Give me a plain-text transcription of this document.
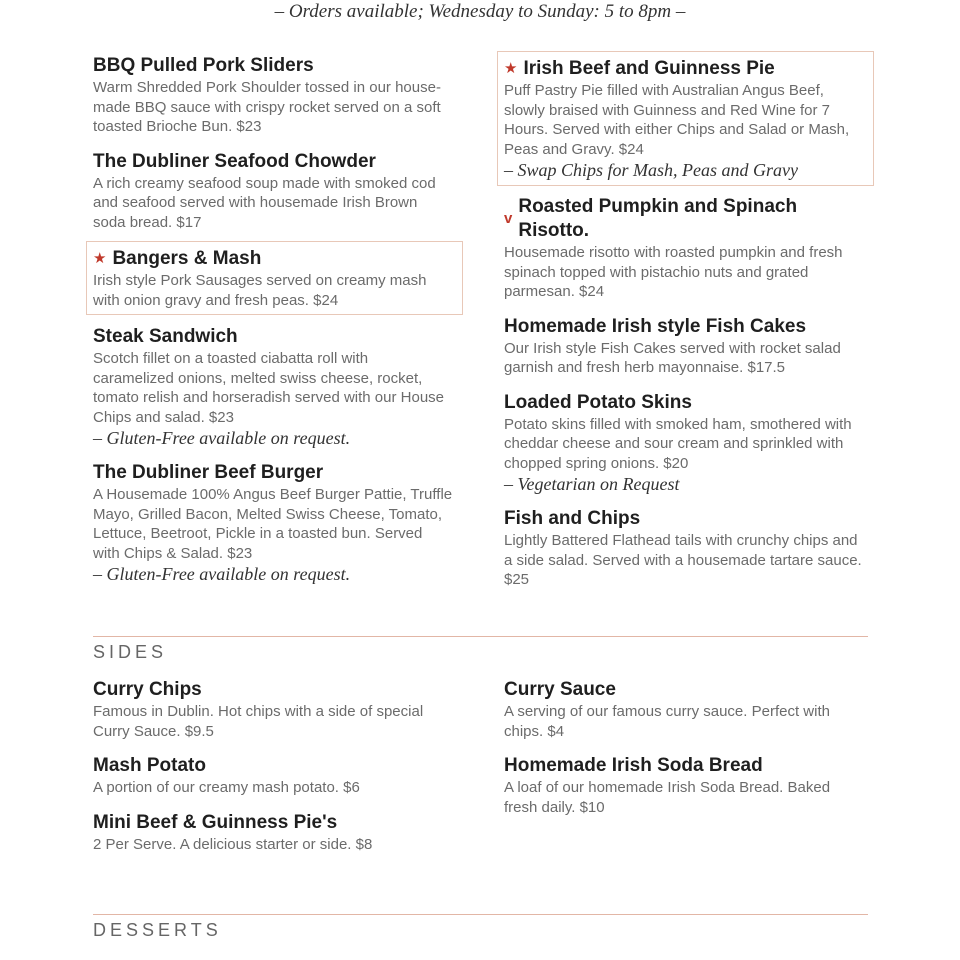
– Orders available; Wednesday to Sunday: 5 to 8pm –
BBQ Pulled Pork Sliders

Warm Shredded Pork Shoulder tossed in our house-made BBQ sauce with crispy rocket served on a soft toasted Brioche Bun. $23

The Dubliner Seafood Chowder

A rich creamy seafood soup made with smoked cod and seafood served with housemade Irish Brown soda bread. $17

★ Bangers & Mash

Irish style Pork Sausages served on creamy mash with onion gravy and fresh peas. $24

Steak Sandwich

Scotch fillet on a toasted ciabatta roll with caramelized onions, melted swiss cheese, rocket, tomato relish and horseradish served with our House Chips and salad. $23

– Gluten-Free available on request.

The Dubliner Beef Burger

A Housemade 100% Angus Beef Burger Pattie, Truffle Mayo, Grilled Bacon, Melted Swiss Cheese, Tomato, Lettuce, Beetroot, Pickle in a toasted bun. Served with Chips & Salad. $23

– Gluten-Free available on request.

★ Irish Beef and Guinness Pie

Puff Pastry Pie filled with Australian Angus Beef, slowly braised with Guinness and Red Wine for 7 Hours. Served with either Chips and Salad or Mash, Peas and Gravy. $24

– Swap Chips for Mash, Peas and Gravy

v
Roasted Pumpkin and Spinach Risotto.

Housemade risotto with roasted pumpkin and fresh spinach topped with pistachio nuts and grated parmesan. $24

Homemade Irish style Fish Cakes

Our Irish style Fish Cakes served with rocket salad garnish and fresh herb mayonnaise. $17.5

Loaded Potato Skins

Potato skins filled with smoked ham, smothered with cheddar cheese and sour cream and sprinkled with chopped spring onions. $20

– Vegetarian on Request

Fish and Chips

Lightly Battered Flathead tails with crunchy chips and a side salad. Served with a housemade tartare sauce. $25

SIDES
Curry Chips

Famous in Dublin. Hot chips with a side of special Curry Sauce. $9.5

Mash Potato

A portion of our creamy mash potato. $6

Mini Beef & Guinness Pie's

2 Per Serve. A delicious starter or side. $8

Curry Sauce

A serving of our famous curry sauce. Perfect with chips. $4

Homemade Irish Soda Bread

A loaf of our homemade Irish Soda Bread. Baked fresh daily. $10

DESSERTS
